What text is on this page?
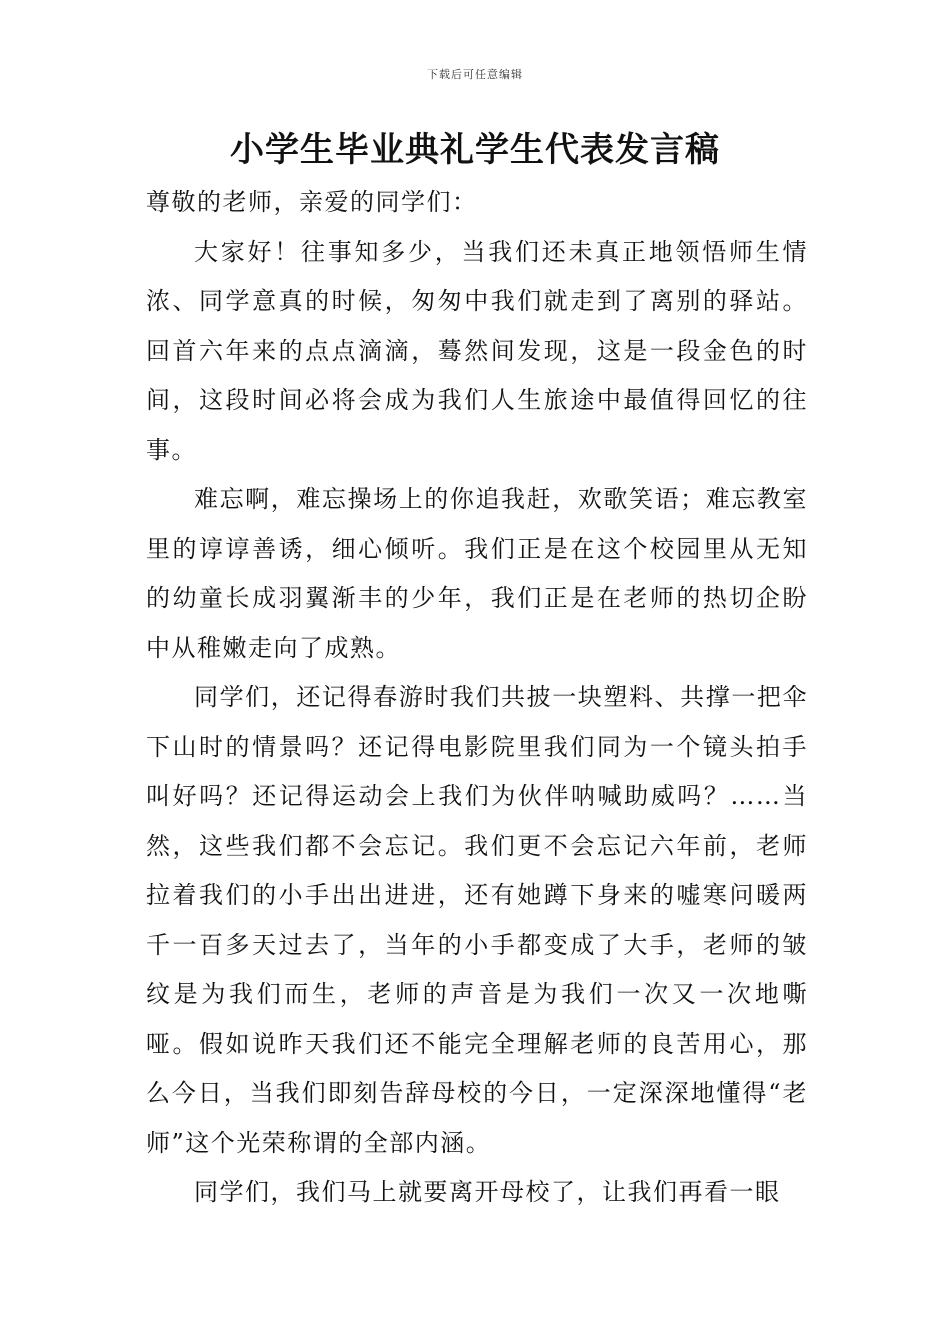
下载后可任意编辑
小学生毕业典礼学生代表发言稿

尊敬的老师，亲爱的同学们：

大家好！往事知多少，当我们还未真正地领悟师生情浓、同学意真的时候，匆匆中我们就走到了离别的驿站。回首六年来的点点滴滴，蓦然间发现，这是一段金色的时间，这段时间必将会成为我们人生旅途中最值得回忆的往事。

难忘啊，难忘操场上的你追我赶，欢歌笑语；难忘教室里的谆谆善诱，细心倾听。我们正是在这个校园里从无知的幼童长成羽翼渐丰的少年，我们正是在老师的热切企盼中从稚嫩走向了成熟。

同学们，还记得春游时我们共披一块塑料、共撑一把伞下山时的情景吗？还记得电影院里我们同为一个镜头拍手叫好吗？还记得运动会上我们为伙伴呐喊助威吗？……当然，这些我们都不会忘记。我们更不会忘记六年前，老师拉着我们的小手出出进进，还有她蹲下身来的嘘寒问暖两千一百多天过去了，当年的小手都变成了大手，老师的皱纹是为我们而生，老师的声音是为我们一次又一次地嘶哑。假如说昨天我们还不能完全理解老师的良苦用心，那么今日，当我们即刻告辞母校的今日，一定深深地懂得“老师”这个光荣称谓的全部内涵。

同学们，我们马上就要离开母校了，让我们再看一眼
